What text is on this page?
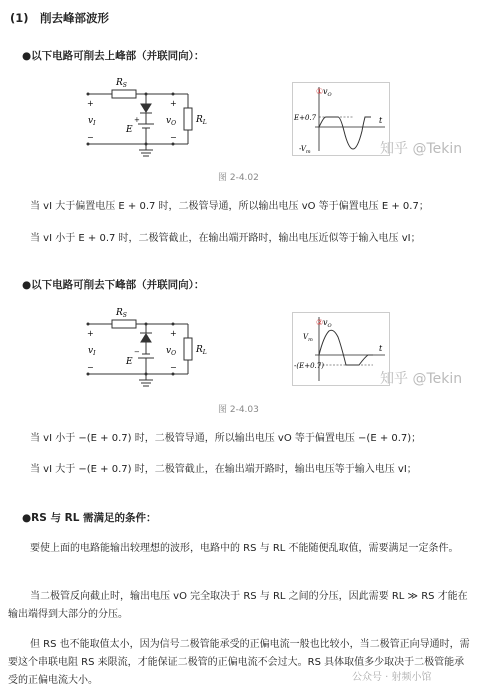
(1)　削去峰部波形
●以下电路可削去上峰部（并联同向）：
$R_S$
$R_L$
+
−
$v_I$
+
−
$v_O$
E
+
① $v_O$
E+0.7
$-V_m$
t
知乎 @Tekin
图 2-4.02
当 vI 大于偏置电压 E + 0.7 时，二极管导通，所以输出电压 vO 等于偏置电压 E + 0.7；
当 vI 小于 E + 0.7 时，二极管截止，在输出端开路时，输出电压近似等于输入电压 vI；
●以下电路可削去下峰部（并联同向）：
$R_S$
$R_L$
+
−
$v_I$
+
−
$v_O$
E
−
② $v_O$
$V_m$
-(E+0.7)
t
知乎 @Tekin
图 2-4.03
当 vI 小于 −(E + 0.7) 时，二极管导通，所以输出电压 vO 等于偏置电压 −(E + 0.7)；
当 vI 大于 −(E + 0.7) 时，二极管截止，在输出端开路时，输出电压等于输入电压 vI；
●RS 与 RL 需满足的条件：
要使上面的电路能输出较理想的波形，电路中的 RS 与 RL 不能随便乱取值，需要满足一定条件。
当二极管反向截止时，输出电压 vO 完全取决于 RS 与 RL 之间的分压，因此需要 RL ≫ RS 才能在输出端得到大部分的分压。
但 RS 也不能取值太小，因为信号二极管能承受的正偏电流一般也比较小，当二极管正向导通时，需要这个串联电阻 RS 来限流，才能保证二极管的正偏电流不会过大。RS 具体取值多少取决于二极管能承受的正偏电流大小。	公众号 · 射频小馆
